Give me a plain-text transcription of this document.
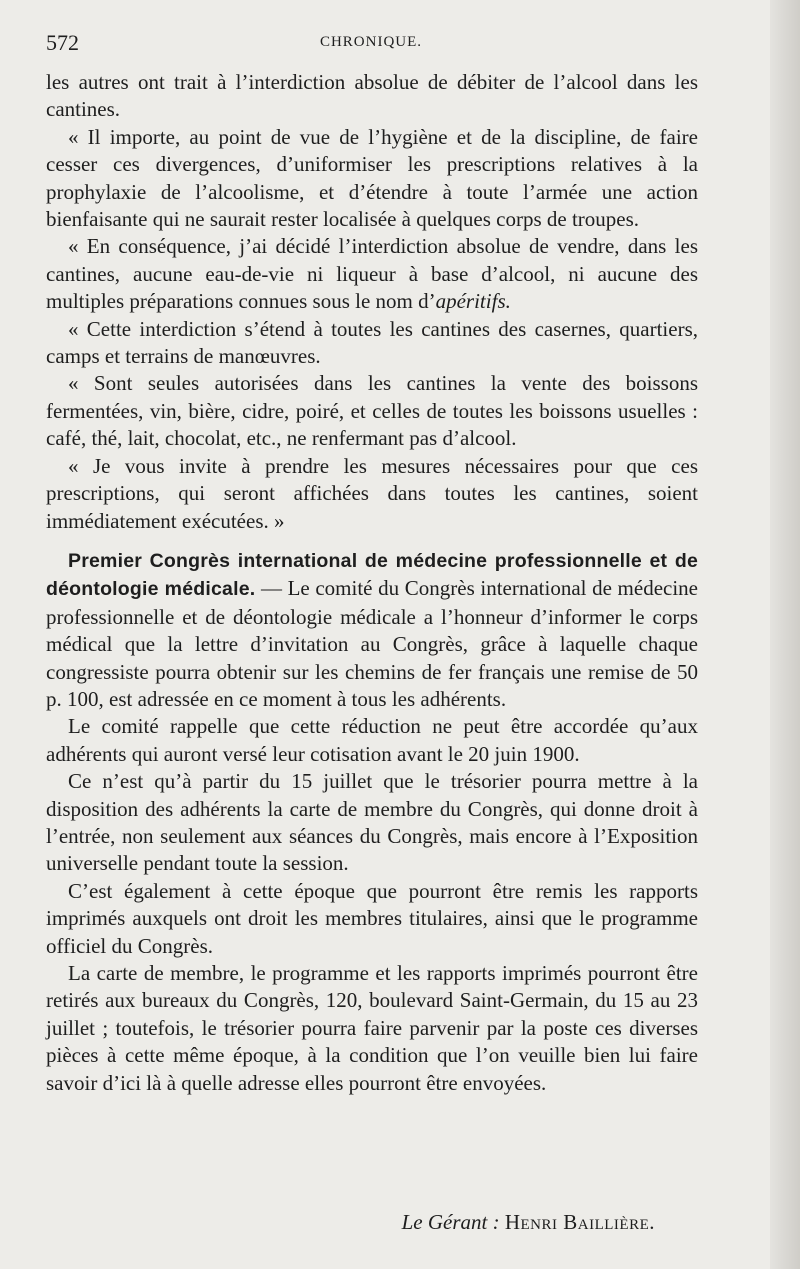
572	CHRONIQUE.

les autres ont trait à l’interdiction absolue de débiter de l’alcool dans les cantines.

« Il importe, au point de vue de l’hygiène et de la discipline, de faire cesser ces divergences, d’uniformiser les prescriptions relatives à la prophylaxie de l’alcoolisme, et d’étendre à toute l’armée une action bienfaisante qui ne saurait rester localisée à quelques corps de troupes.

« En conséquence, j’ai décidé l’interdiction absolue de vendre, dans les cantines, aucune eau-de-vie ni liqueur à base d’alcool, ni aucune des multiples préparations connues sous le nom d’apéritifs.

« Cette interdiction s’étend à toutes les cantines des casernes, quartiers, camps et terrains de manœuvres.

« Sont seules autorisées dans les cantines la vente des boissons fermentées, vin, bière, cidre, poiré, et celles de toutes les boissons usuelles : café, thé, lait, chocolat, etc., ne renfermant pas d’alcool.

« Je vous invite à prendre les mesures nécessaires pour que ces prescriptions, qui seront affichées dans toutes les cantines, soient immédiatement exécutées. »

Premier Congrès international de médecine professionnelle et de déontologie médicale. — Le comité du Congrès international de médecine professionnelle et de déontologie médicale a l’honneur d’informer le corps médical que la lettre d’invitation au Congrès, grâce à laquelle chaque congressiste pourra obtenir sur les chemins de fer français une remise de 50 p. 100, est adressée en ce moment à tous les adhérents.

Le comité rappelle que cette réduction ne peut être accordée qu’aux adhérents qui auront versé leur cotisation avant le 20 juin 1900.

Ce n’est qu’à partir du 15 juillet que le trésorier pourra mettre à la disposition des adhérents la carte de membre du Congrès, qui donne droit à l’entrée, non seulement aux séances du Congrès, mais encore à l’Exposition universelle pendant toute la session.

C’est également à cette époque que pourront être remis les rapports imprimés auxquels ont droit les membres titulaires, ainsi que le programme officiel du Congrès.

La carte de membre, le programme et les rapports imprimés pourront être retirés aux bureaux du Congrès, 120, boulevard Saint-Germain, du 15 au 23 juillet ; toutefois, le trésorier pourra faire parvenir par la poste ces diverses pièces à cette même époque, à la condition que l’on veuille bien lui faire savoir d’ici là à quelle adresse elles pourront être envoyées.

Le Gérant : Henri Baillière.
